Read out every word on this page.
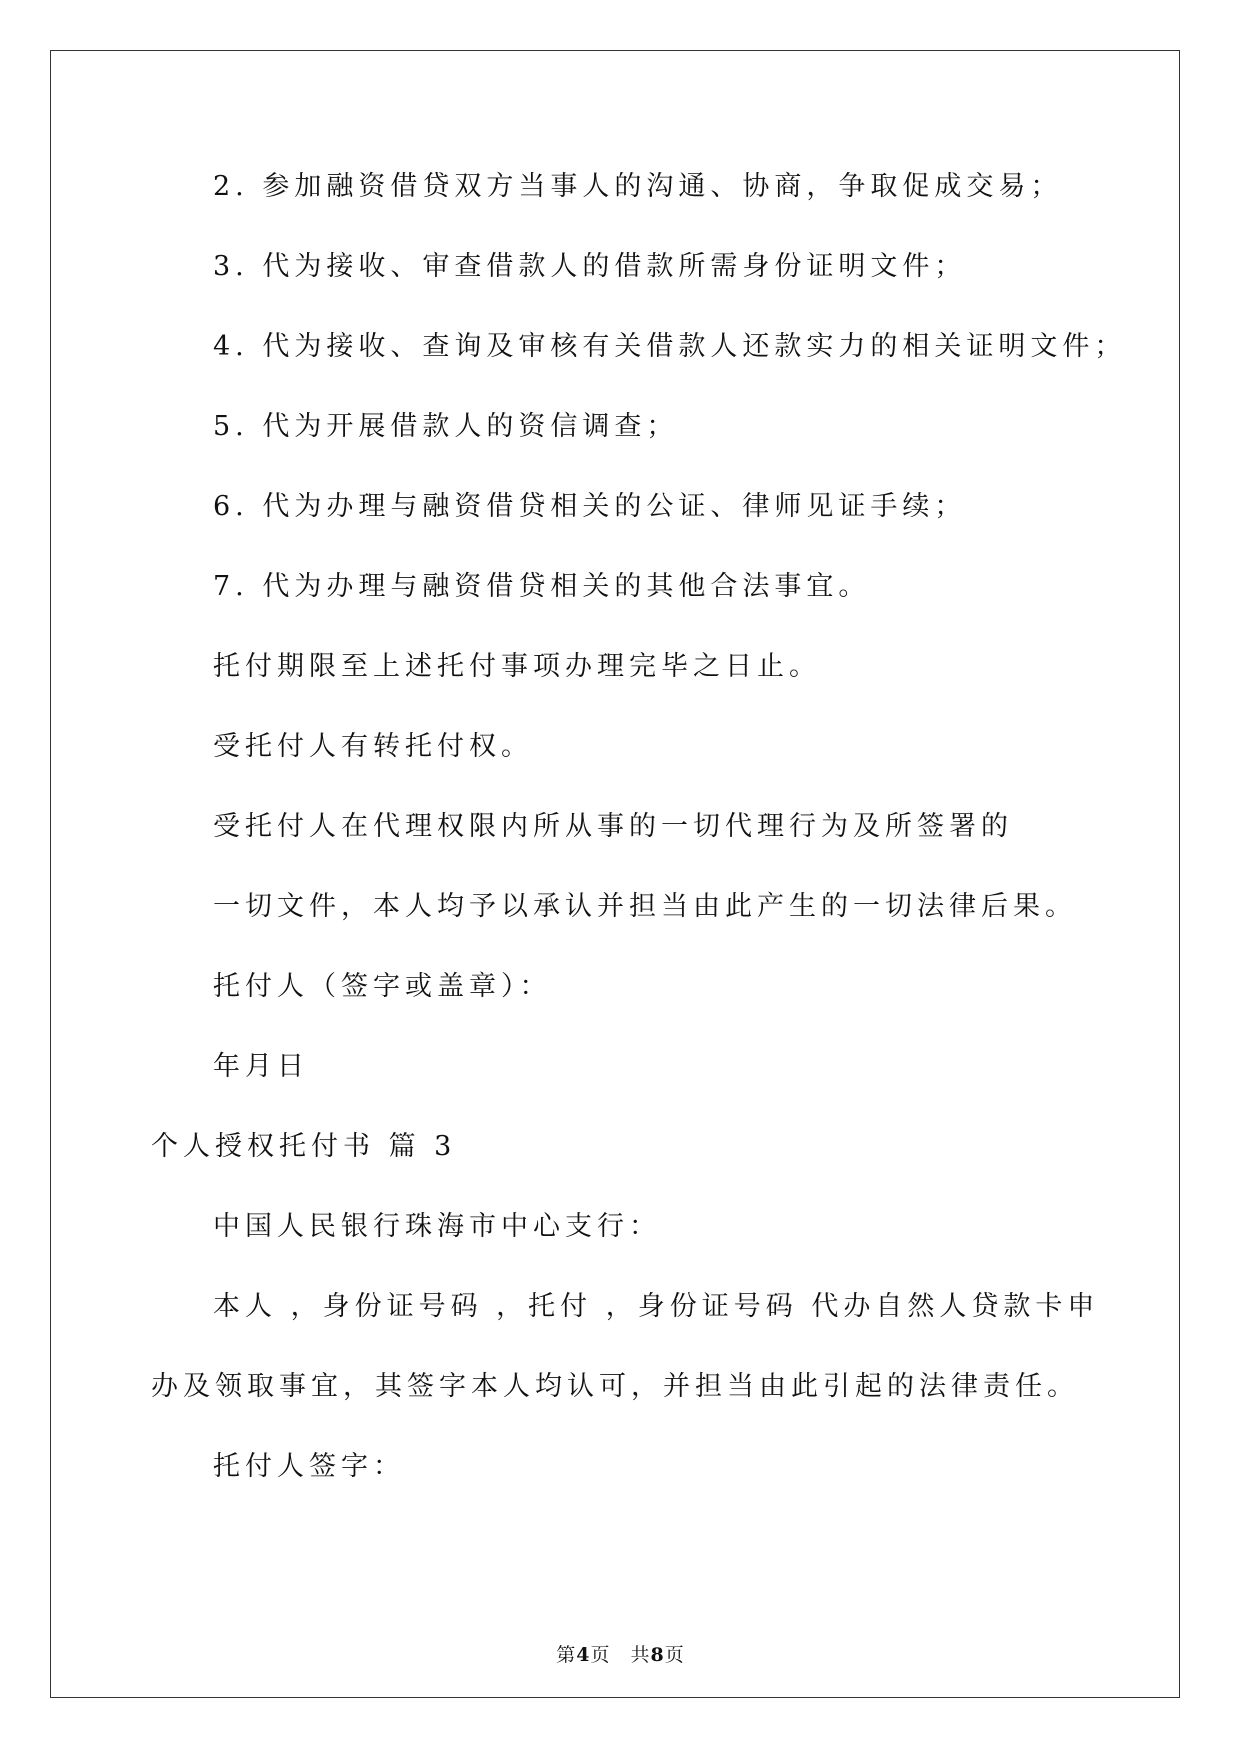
2. 参加融资借贷双方当事人的沟通、协商，争取促成交易；
3. 代为接收、审查借款人的借款所需身份证明文件；
4. 代为接收、查询及审核有关借款人还款实力的相关证明文件；
5. 代为开展借款人的资信调查；
6. 代为办理与融资借贷相关的公证、律师见证手续；
7. 代为办理与融资借贷相关的其他合法事宜。
托付期限至上述托付事项办理完毕之日止。
受托付人有转托付权。
受托付人在代理权限内所从事的一切代理行为及所签署的
一切文件，本人均予以承认并担当由此产生的一切法律后果。
托付人（签字或盖章）：
年月日
个人授权托付书 篇 3
中国人民银行珠海市中心支行：
本人 ，身份证号码 ，托付 ，身份证号码 代办自然人贷款卡申
办及领取事宜，其签字本人均认可，并担当由此引起的法律责任。
托付人签字：
第4页　共8页
